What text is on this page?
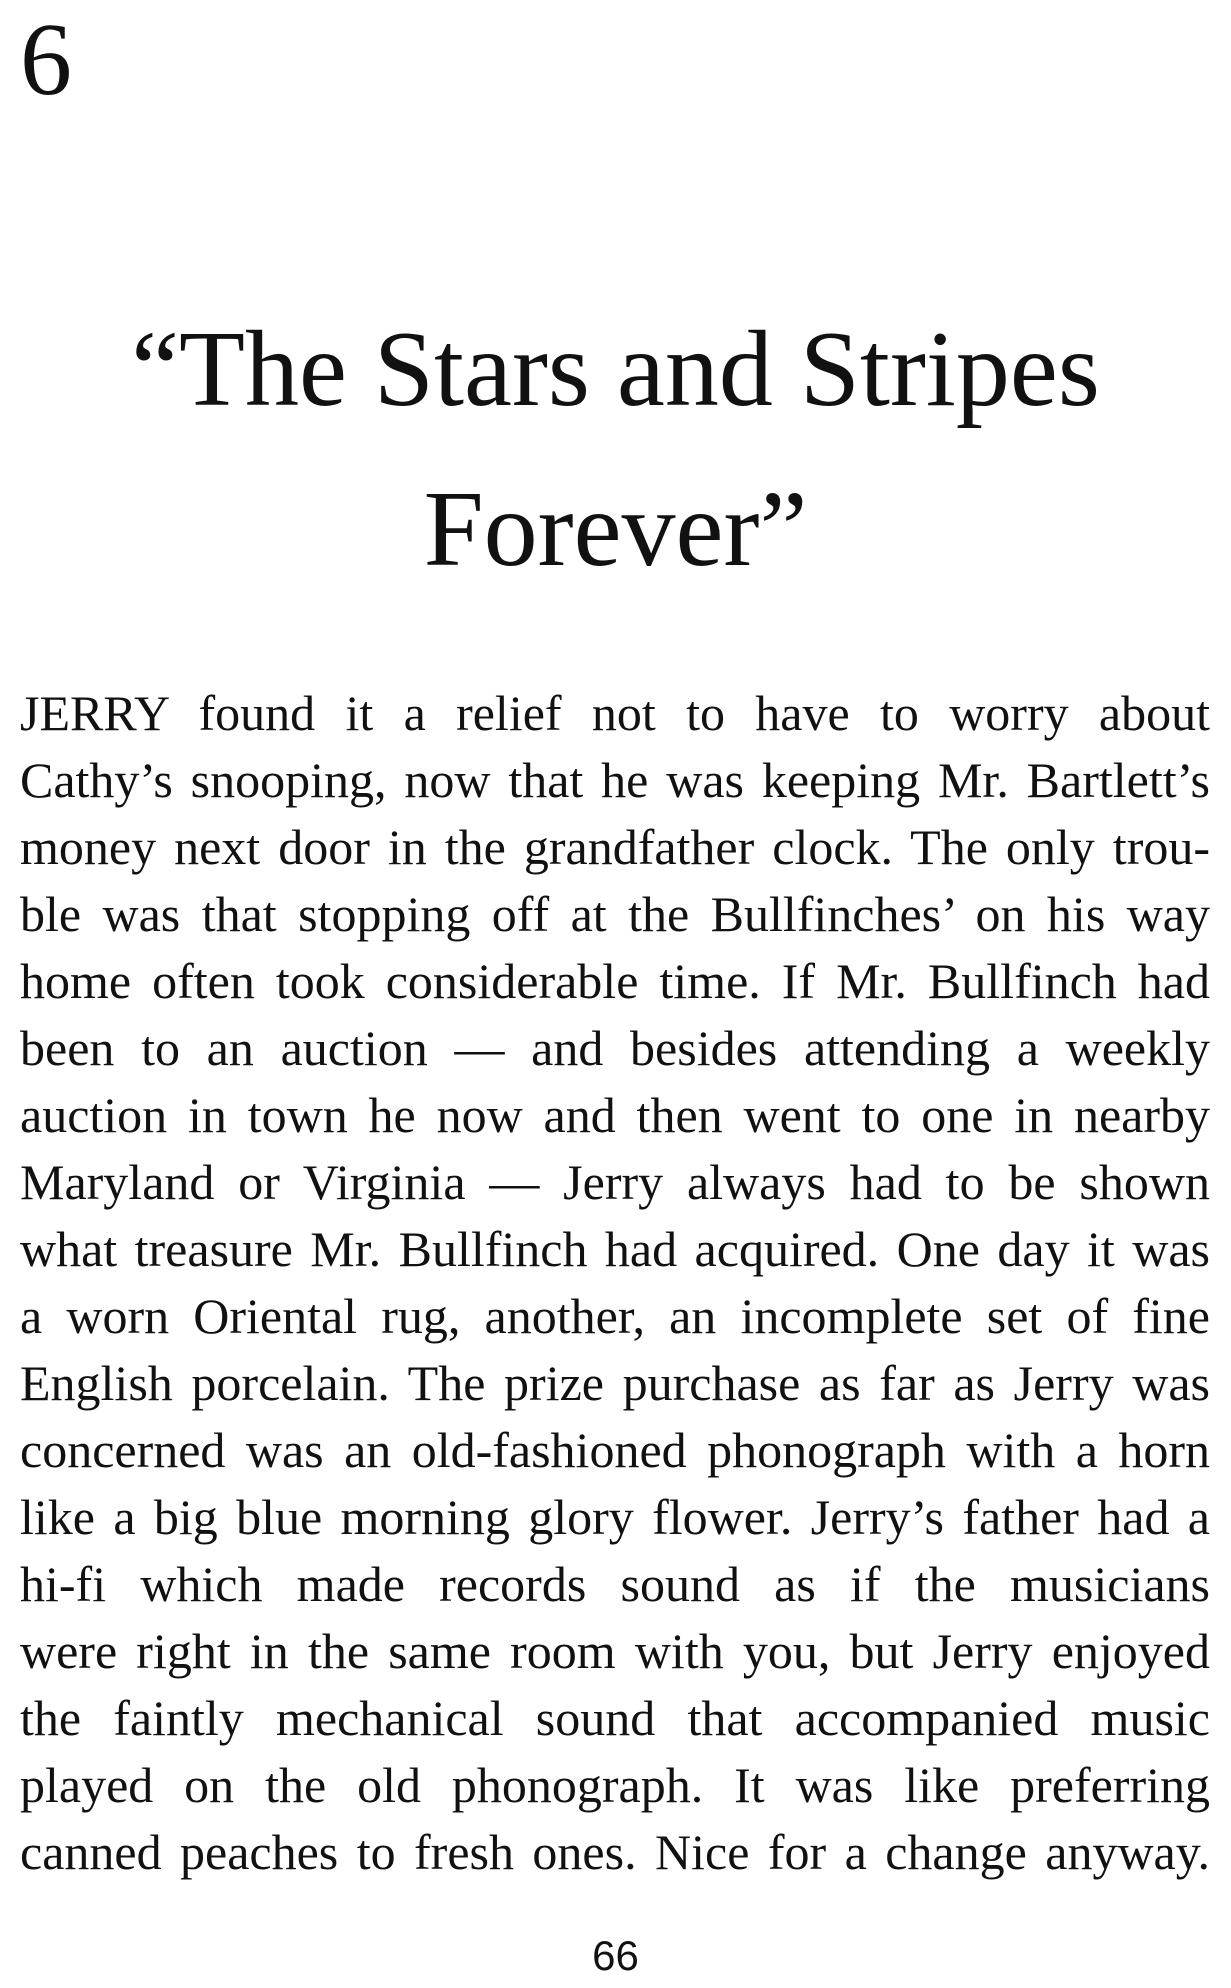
6
“The Stars and Stripes
Forever”
JERRY found it a relief not to have to worry about
Cathy’s snooping, now that he was keeping Mr. Bartlett’s
money next door in the grandfather clock. The only trou-
ble was that stopping off at the Bullfinches’ on his way
home often took considerable time. If Mr. Bullfinch had
been to an auction — and besides attending a weekly
auction in town he now and then went to one in nearby
Maryland or Virginia — Jerry always had to be shown
what treasure Mr. Bullfinch had acquired. One day it was
a worn Oriental rug, another, an incomplete set of fine
English porcelain. The prize purchase as far as Jerry was
concerned was an old-fashioned phonograph with a horn
like a big blue morning glory flower. Jerry’s father had a
hi-fi which made records sound as if the musicians
were right in the same room with you, but Jerry enjoyed
the faintly mechanical sound that accompanied music
played on the old phonograph. It was like preferring
canned peaches to fresh ones. Nice for a change anyway.
66
